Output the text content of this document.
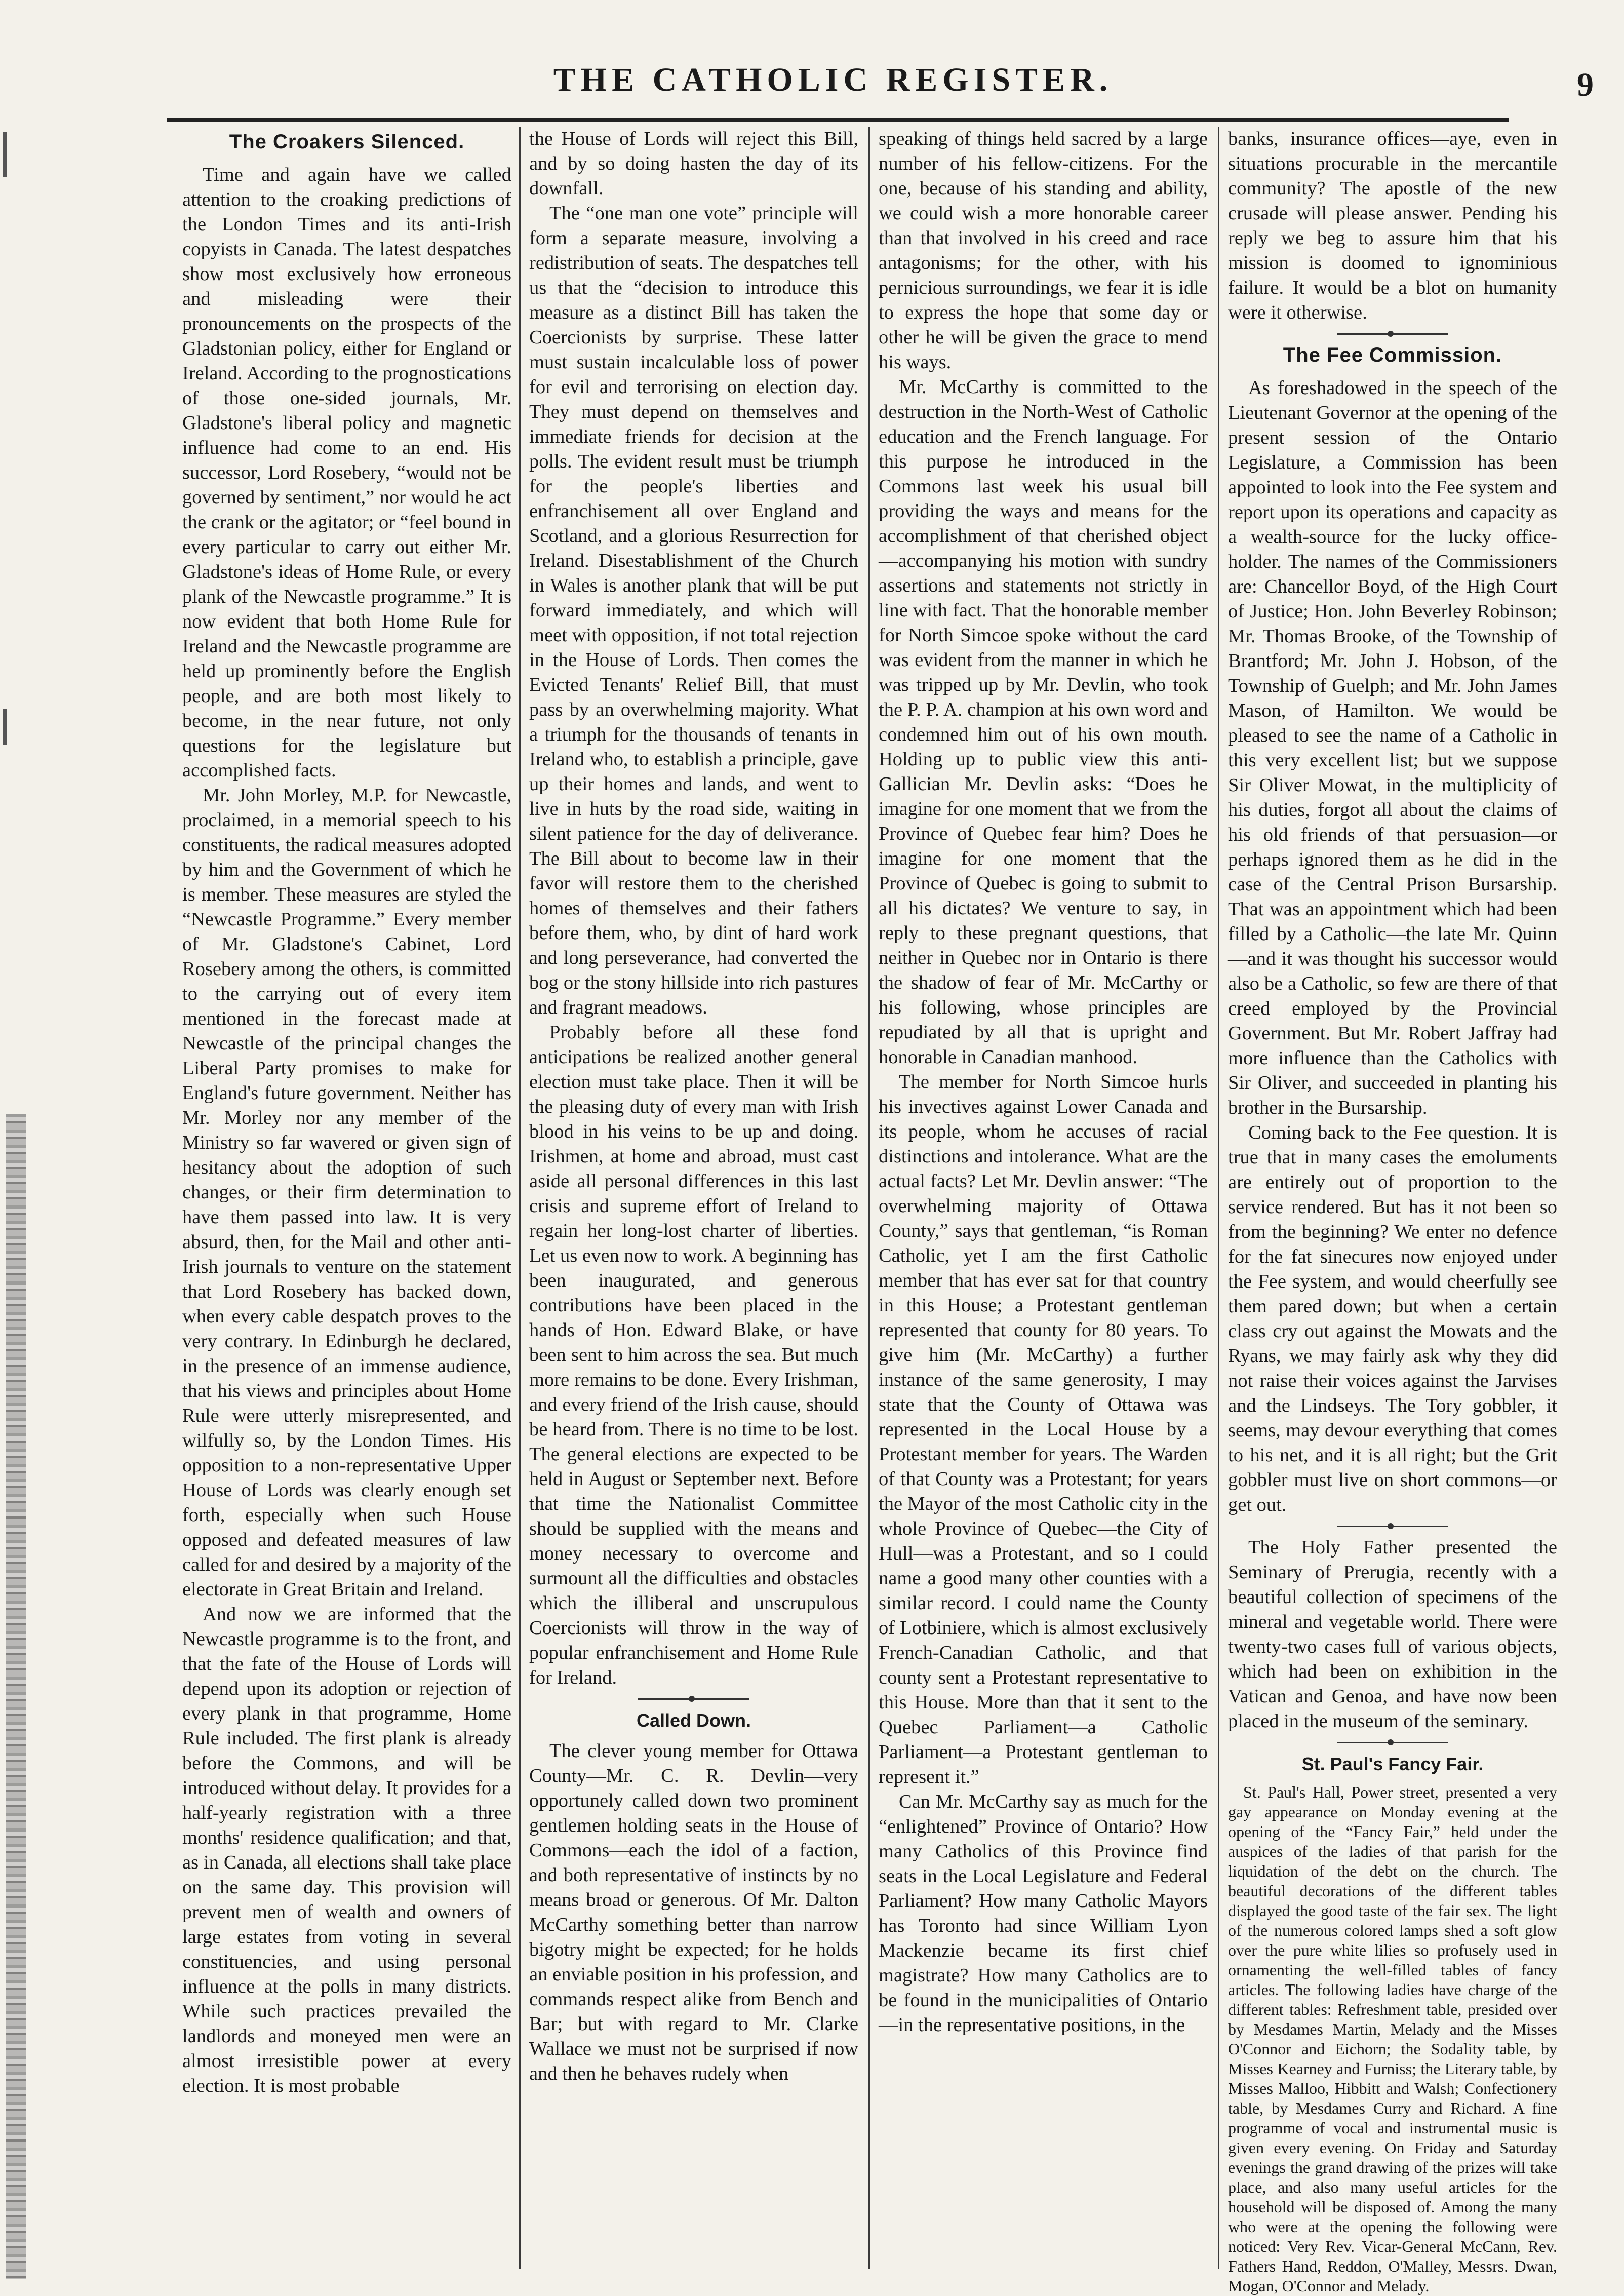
THE CATHOLIC REGISTER.	9
The Croakers Silenced.

Time and again have we called attention to the croaking predictions of the London Times and its anti-Irish copyists in Canada. The latest despatches show most exclusively how erroneous and misleading were their pronouncements on the prospects of the Gladstonian policy, either for England or Ireland. According to the prognostications of those one-sided journals, Mr. Gladstone's liberal policy and magnetic influence had come to an end. His successor, Lord Rosebery, “would not be governed by sentiment,” nor would he act the crank or the agitator; or “feel bound in every particular to carry out either Mr. Gladstone's ideas of Home Rule, or every plank of the Newcastle programme.” It is now evident that both Home Rule for Ireland and the Newcastle programme are held up prominently before the English people, and are both most likely to become, in the near future, not only questions for the legislature but accomplished facts.

Mr. John Morley, M.P. for Newcastle, proclaimed, in a memorial speech to his constituents, the radical measures adopted by him and the Government of which he is member. These measures are styled the “Newcastle Programme.” Every member of Mr. Gladstone's Cabinet, Lord Rosebery among the others, is committed to the carrying out of every item mentioned in the forecast made at Newcastle of the principal changes the Liberal Party promises to make for England's future government. Neither has Mr. Morley nor any member of the Ministry so far wavered or given sign of hesitancy about the adoption of such changes, or their firm determination to have them passed into law. It is very absurd, then, for the Mail and other anti-Irish journals to venture on the statement that Lord Rosebery has backed down, when every cable despatch proves to the very contrary. In Edinburgh he declared, in the presence of an immense audience, that his views and principles about Home Rule were utterly misrepresented, and wilfully so, by the London Times. His opposition to a non-representative Upper House of Lords was clearly enough set forth, especially when such House opposed and defeated measures of law called for and desired by a majority of the electorate in Great Britain and Ireland.

And now we are informed that the Newcastle programme is to the front, and that the fate of the House of Lords will depend upon its adoption or rejection of every plank in that programme, Home Rule included. The first plank is already before the Commons, and will be introduced without delay. It provides for a half-yearly registration with a three months' residence qualification; and that, as in Canada, all elections shall take place on the same day. This provision will prevent men of wealth and owners of large estates from voting in several constituencies, and using personal influence at the polls in many districts. While such practices prevailed the landlords and moneyed men were an almost irresistible power at every election. It is most probable

the House of Lords will reject this Bill, and by so doing hasten the day of its downfall.

The “one man one vote” principle will form a separate measure, involving a redistribution of seats. The despatches tell us that the “decision to introduce this measure as a distinct Bill has taken the Coercionists by surprise. These latter must sustain incalculable loss of power for evil and terrorising on election day. They must depend on themselves and immediate friends for decision at the polls. The evident result must be triumph for the people's liberties and enfranchisement all over England and Scotland, and a glorious Resurrection for Ireland. Disestablishment of the Church in Wales is another plank that will be put forward immediately, and which will meet with opposition, if not total rejection in the House of Lords. Then comes the Evicted Tenants' Relief Bill, that must pass by an overwhelming majority. What a triumph for the thousands of tenants in Ireland who, to establish a principle, gave up their homes and lands, and went to live in huts by the road side, waiting in silent patience for the day of deliverance. The Bill about to become law in their favor will restore them to the cherished homes of themselves and their fathers before them, who, by dint of hard work and long perseverance, had converted the bog or the stony hillside into rich pastures and fragrant meadows.

Probably before all these fond anticipations be realized another general election must take place. Then it will be the pleasing duty of every man with Irish blood in his veins to be up and doing. Irishmen, at home and abroad, must cast aside all personal differences in this last crisis and supreme effort of Ireland to regain her long-lost charter of liberties. Let us even now to work. A beginning has been inaugurated, and generous contributions have been placed in the hands of Hon. Edward Blake, or have been sent to him across the sea. But much more remains to be done. Every Irishman, and every friend of the Irish cause, should be heard from. There is no time to be lost. The general elections are expected to be held in August or September next. Before that time the Nationalist Committee should be supplied with the means and money necessary to overcome and surmount all the difficulties and obstacles which the illiberal and unscrupulous Coercionists will throw in the way of popular enfranchisement and Home Rule for Ireland.

Called Down.

The clever young member for Ottawa County—Mr. C. R. Devlin—very opportunely called down two prominent gentlemen holding seats in the House of Commons—each the idol of a faction, and both representative of instincts by no means broad or generous. Of Mr. Dalton McCarthy something better than narrow bigotry might be expected; for he holds an enviable position in his profession, and commands respect alike from Bench and Bar; but with regard to Mr. Clarke Wallace we must not be surprised if now and then he behaves rudely when

speaking of things held sacred by a large number of his fellow-citizens. For the one, because of his standing and ability, we could wish a more honorable career than that involved in his creed and race antagonisms; for the other, with his pernicious surroundings, we fear it is idle to express the hope that some day or other he will be given the grace to mend his ways.

Mr. McCarthy is committed to the destruction in the North-West of Catholic education and the French language. For this purpose he introduced in the Commons last week his usual bill providing the ways and means for the accomplishment of that cherished object—accompanying his motion with sundry assertions and statements not strictly in line with fact. That the honorable member for North Simcoe spoke without the card was evident from the manner in which he was tripped up by Mr. Devlin, who took the P. P. A. champion at his own word and condemned him out of his own mouth. Holding up to public view this anti-Gallician Mr. Devlin asks: “Does he imagine for one moment that we from the Province of Quebec fear him? Does he imagine for one moment that the Province of Quebec is going to submit to all his dictates? We venture to say, in reply to these pregnant questions, that neither in Quebec nor in Ontario is there the shadow of fear of Mr. McCarthy or his following, whose principles are repudiated by all that is upright and honorable in Canadian manhood.

The member for North Simcoe hurls his invectives against Lower Canada and its people, whom he accuses of racial distinctions and intolerance. What are the actual facts? Let Mr. Devlin answer: “The overwhelming majority of Ottawa County,” says that gentleman, “is Roman Catholic, yet I am the first Catholic member that has ever sat for that country in this House; a Protestant gentleman represented that county for 80 years. To give him (Mr. McCarthy) a further instance of the same generosity, I may state that the County of Ottawa was represented in the Local House by a Protestant member for years. The Warden of that County was a Protestant; for years the Mayor of the most Catholic city in the whole Province of Quebec—the City of Hull—was a Protestant, and so I could name a good many other counties with a similar record. I could name the County of Lotbiniere, which is almost exclusively French-Canadian Catholic, and that county sent a Protestant representative to this House. More than that it sent to the Quebec Parliament—a Catholic Parliament—a Protestant gentleman to represent it.”

Can Mr. McCarthy say as much for the “enlightened” Province of Ontario? How many Catholics of this Province find seats in the Local Legislature and Federal Parliament? How many Catholic Mayors has Toronto had since William Lyon Mackenzie became its first chief magistrate? How many Catholics are to be found in the municipalities of Ontario—in the representative positions, in the

banks, insurance offices—aye, even in situations procurable in the mercantile community? The apostle of the new crusade will please answer. Pending his reply we beg to assure him that his mission is doomed to ignominious failure. It would be a blot on humanity were it otherwise.

The Fee Commission.

As foreshadowed in the speech of the Lieutenant Governor at the opening of the present session of the Ontario Legislature, a Commission has been appointed to look into the Fee system and report upon its operations and capacity as a wealth-source for the lucky office-holder. The names of the Commissioners are: Chancellor Boyd, of the High Court of Justice; Hon. John Beverley Robinson; Mr. Thomas Brooke, of the Township of Brantford; Mr. John J. Hobson, of the Township of Guelph; and Mr. John James Mason, of Hamilton. We would be pleased to see the name of a Catholic in this very excellent list; but we suppose Sir Oliver Mowat, in the multiplicity of his duties, forgot all about the claims of his old friends of that persuasion—or perhaps ignored them as he did in the case of the Central Prison Bursarship. That was an appointment which had been filled by a Catholic—the late Mr. Quinn—and it was thought his successor would also be a Catholic, so few are there of that creed employed by the Provincial Government. But Mr. Robert Jaffray had more influence than the Catholics with Sir Oliver, and succeeded in planting his brother in the Bursarship.

Coming back to the Fee question. It is true that in many cases the emoluments are entirely out of proportion to the service rendered. But has it not been so from the beginning? We enter no defence for the fat sinecures now enjoyed under the Fee system, and would cheerfully see them pared down; but when a certain class cry out against the Mowats and the Ryans, we may fairly ask why they did not raise their voices against the Jarvises and the Lindseys. The Tory gobbler, it seems, may devour everything that comes to his net, and it is all right; but the Grit gobbler must live on short commons—or get out.

The Holy Father presented the Seminary of Prerugia, recently with a beautiful collection of specimens of the mineral and vegetable world. There were twenty-two cases full of various objects, which had been on exhibition in the Vatican and Genoa, and have now been placed in the museum of the seminary.

St. Paul's Fancy Fair.

St. Paul's Hall, Power street, presented a very gay appearance on Monday evening at the opening of the “Fancy Fair,” held under the auspices of the ladies of that parish for the liquidation of the debt on the church. The beautiful decorations of the different tables displayed the good taste of the fair sex. The light of the numerous colored lamps shed a soft glow over the pure white lilies so profusely used in ornamenting the well-filled tables of fancy articles. The following ladies have charge of the different tables: Refreshment table, presided over by Mesdames Martin, Melady and the Misses O'Connor and Eichorn; the Sodality table, by Misses Kearney and Furniss; the Literary table, by Misses Malloo, Hibbitt and Walsh; Confectionery table, by Mesdames Curry and Richard. A fine programme of vocal and instrumental music is given every evening. On Friday and Saturday evenings the grand drawing of the prizes will take place, and also many useful articles for the household will be disposed of. Among the many who were at the opening the following were noticed: Very Rev. Vicar-General McCann, Rev. Fathers Hand, Reddon, O'Malley, Messrs. Dwan, Mogan, O'Connor and Melady.
